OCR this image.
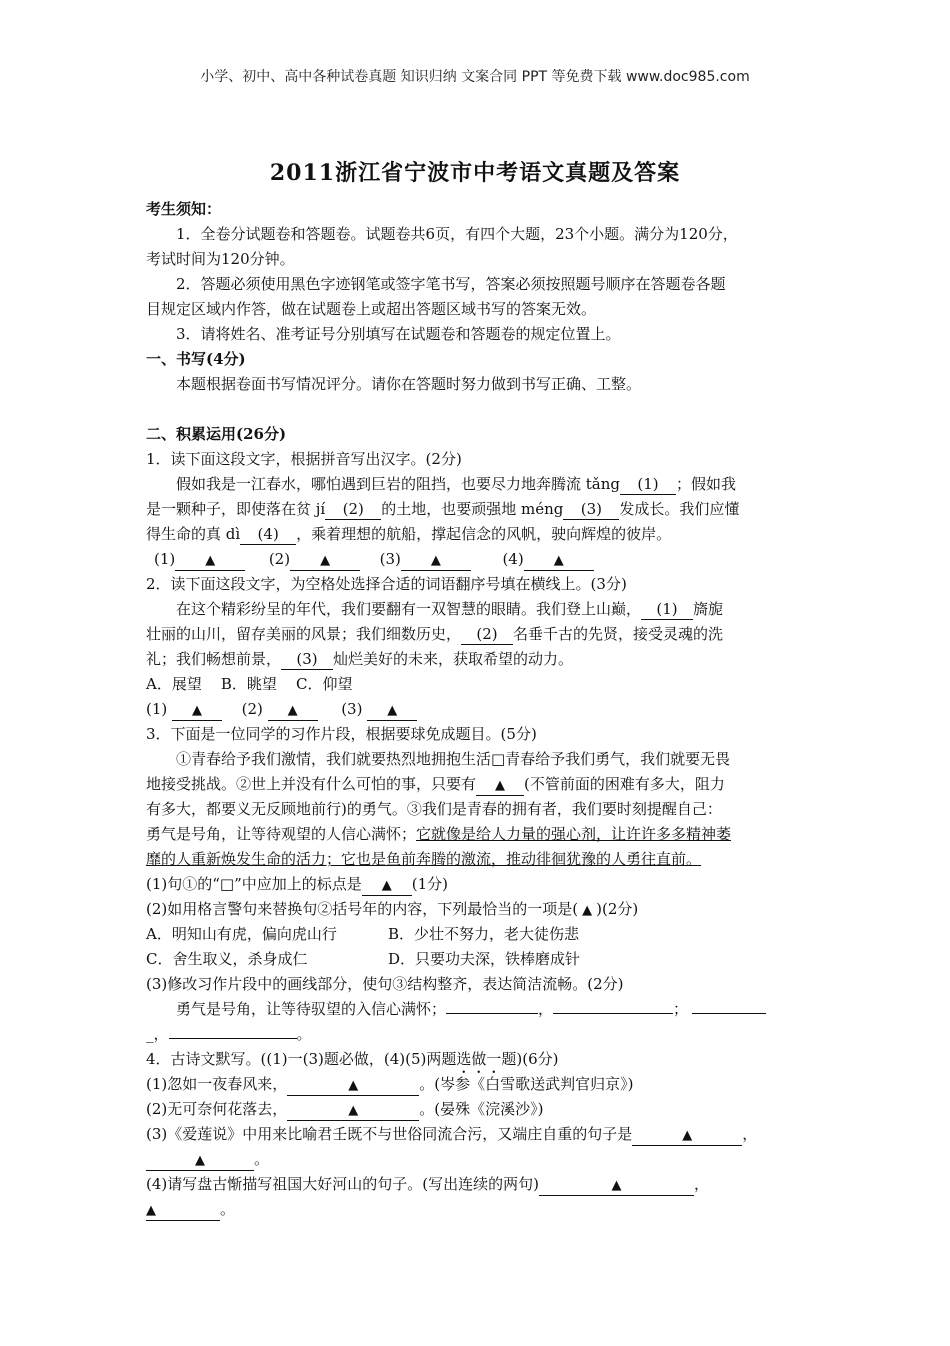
小学、初中、高中各种试卷真题 知识归纳 文案合同 PPT 等免费下载 www.doc985.com
2011浙江省宁波市中考语文真题及答案
考生须知：
1．全卷分试题卷和答题卷。试题卷共6页，有四个大题，23个小题。满分为120分，
考试时间为120分钟。
2．答题必须使用黑色字迹钢笔或签字笔书写，答案必须按照题号顺序在答题卷各题
目规定区域内作答，做在试题卷上或超出答题区域书写的答案无效。
3．请将姓名、准考证号分别填写在试题卷和答题卷的规定位置上。
一、书写(4分)
本题根据卷面书写情况评分。请你在答题时努力做到书写正确、工整。
二、积累运用(26分)
1．读下面这段文字，根据拼音写出汉字。(2分)
假如我是一江春水，哪怕遇到巨岩的阻挡，也要尽力地奔腾流 tǎng (1) ；假如我
是一颗种子，即使落在贫 jí (2) 的土地，也要顽强地 méng (3) 发成长。我们应懂
得生命的真 dì (4) ，乘着理想的航船，撑起信念的风帆，驶向辉煌的彼岸。
(1) ▲	(2) ▲	(3) ▲	(4) ▲
2．读下面这段文字，为空格处选择合适的词语翻序号填在横线上。(3分)
在这个精彩纷呈的年代，我们要翻有一双智慧的眼睛。我们登上山巅， (1) 旖旎
壮丽的山川，留存美丽的风景；我们细数历史， (2) 名垂千古的先贤，接受灵魂的洗
礼；我们畅想前景， (3) 灿烂美好的未来，获取希望的动力。
A．展望    B．眺望    C．仰望
(1) ▲	(2) ▲	(3) ▲
3．下面是一位同学的习作片段，根据要球免成题目。(5分)
①青春给予我们激情，我们就要热烈地拥抱生活□青春给予我们勇气，我们就要无畏
地接受挑战。②世上并没有什么可怕的事，只要有 ▲ (不管前面的困难有多大，阻力
有多大，都要义无反顾地前行)的勇气。③我们是青春的拥有者，我们要时刻提醒自己：
勇气是号角，让等待观望的人信心满怀；它就像是给人力量的强心剂，让许许多多精神萎
靡的人重新焕发生命的活力；它也是鱼前奔腾的激流，推动徘徊犹豫的人勇往直前。
(1)句①的“□”中应加上的标点是 ▲ (1分)
(2)如用格言警句来替换句②括号年的内容，下列最恰当的一项是( ▲ )(2分)
A．明知山有虎，偏向虎山行	B．少壮不努力，老大徒伤悲
C．舍生取义，杀身成仁	D．只要功夫深，铁棒磨成针
(3)修改习作片段中的画线部分，使句③结构整齐，表达简洁流畅。(2分)
勇气是号角，让等待驭望的入信心满怀；	，	；
_，	。
4．古诗文默写。((1)一(3)题必做，(4)(5)两题选做一题)(6分)
(1)忽如一夜春风来，	▲	。(岑参《白雪歌送武判官归京》)
(2)无可奈何花落去，	▲	。(晏殊《浣溪沙》)
(3)《爱莲说》中用来比喻君壬既不与世俗同流合污，又端庄自重的句子是	▲	，
▲	。
(4)请写盘古惭描写祖国大好河山的句子。(写出连续的两句)	▲	，
▲	。
